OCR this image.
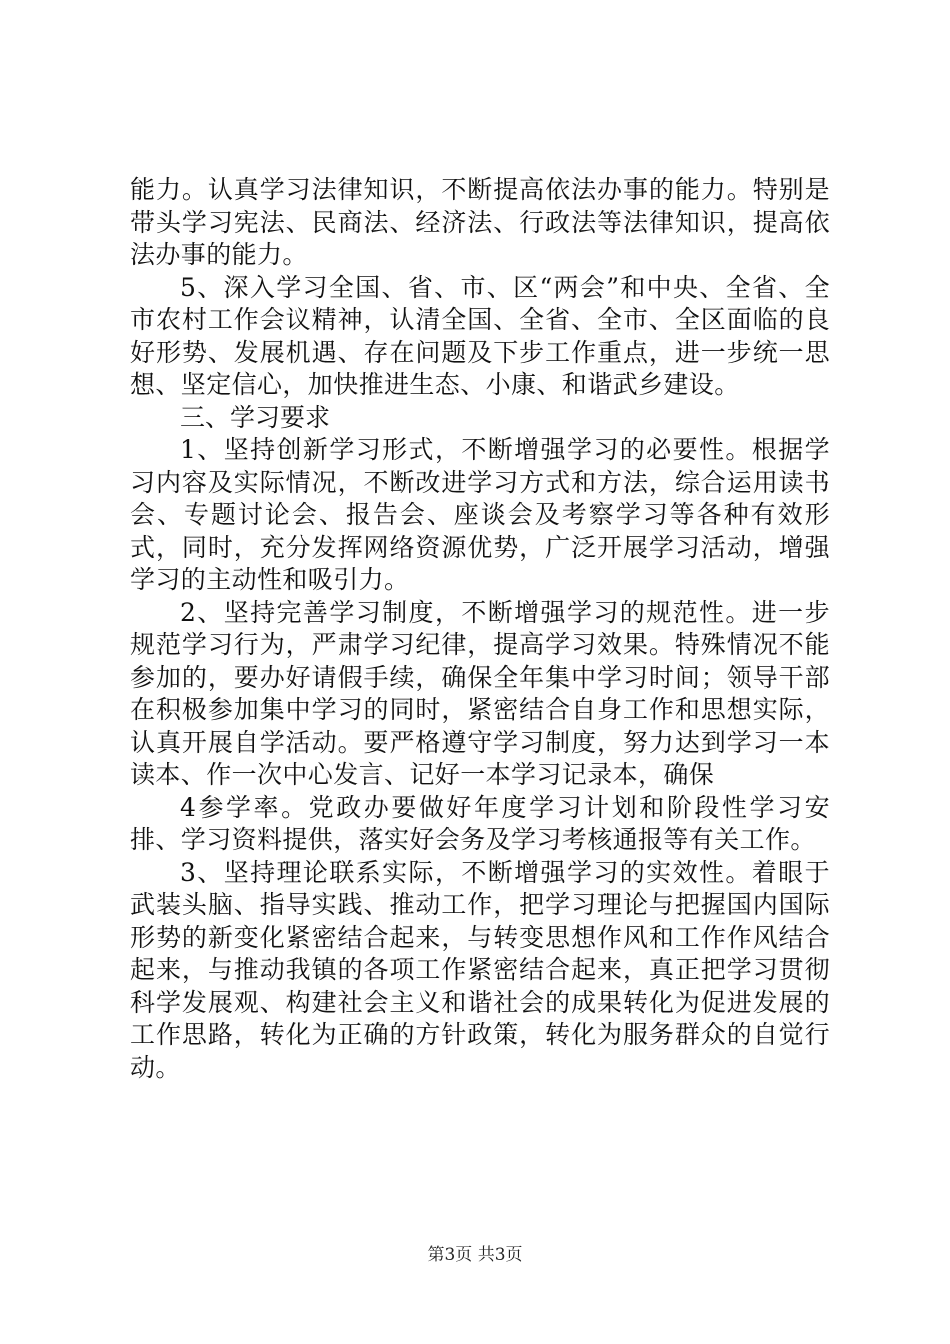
能力。认真学习法律知识，不断提高依法办事的能力。特别是带头学习宪法、民商法、经济法、行政法等法律知识，提高依法办事的能力。

5、深入学习全国、省、市、区“两会”和中央、全省、全市农村工作会议精神，认清全国、全省、全市、全区面临的良好形势、发展机遇、存在问题及下步工作重点，进一步统一思想、坚定信心，加快推进生态、小康、和谐武乡建设。

三、学习要求

1、坚持创新学习形式，不断增强学习的必要性。根据学习内容及实际情况，不断改进学习方式和方法，综合运用读书会、专题讨论会、报告会、座谈会及考察学习等各种有效形式，同时，充分发挥网络资源优势，广泛开展学习活动，增强学习的主动性和吸引力。

2、坚持完善学习制度，不断增强学习的规范性。进一步规范学习行为，严肃学习纪律，提高学习效果。特殊情况不能参加的，要办好请假手续，确保全年集中学习时间；领导干部在积极参加集中学习的同时，紧密结合自身工作和思想实际，认真开展自学活动。要严格遵守学习制度，努力达到学习一本读本、作一次中心发言、记好一本学习记录本，确保

4参学率。党政办要做好年度学习计划和阶段性学习安排、学习资料提供，落实好会务及学习考核通报等有关工作。

3、坚持理论联系实际，不断增强学习的实效性。着眼于武装头脑、指导实践、推动工作，把学习理论与把握国内国际形势的新变化紧密结合起来，与转变思想作风和工作作风结合起来，与推动我镇的各项工作紧密结合起来，真正把学习贯彻科学发展观、构建社会主义和谐社会的成果转化为促进发展的工作思路，转化为正确的方针政策，转化为服务群众的自觉行动。

第3页 共3页
